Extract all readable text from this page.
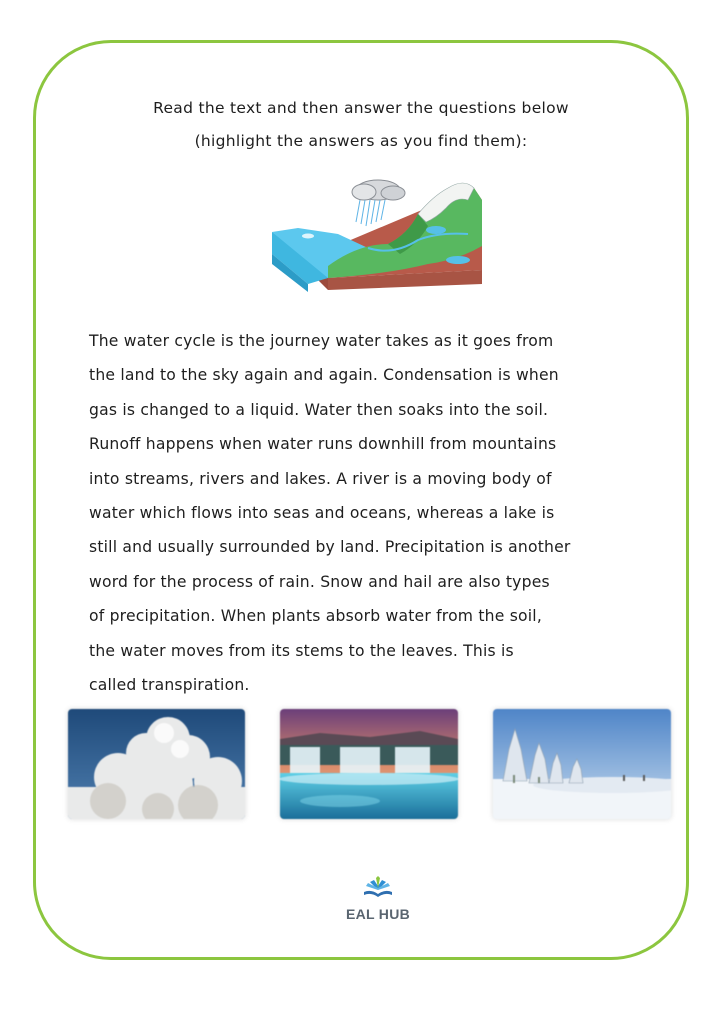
Read the text and then answer the questions below
(highlight the answers as you find them):

The water cycle is the journey water takes as it goes from

the land to the sky again and again. Condensation is when

gas is changed to a liquid. Water then soaks into the soil.

Runoff happens when water runs downhill from mountains

into streams, rivers and lakes. A river is a moving body of

water which flows into seas and oceans, whereas a lake is

still and usually surrounded by land. Precipitation is another

word for the process of rain. Snow and hail are also types

of precipitation. When plants absorb water from the soil,

the water moves from its stems to the leaves. This is

called transpiration.

EAL HUB
